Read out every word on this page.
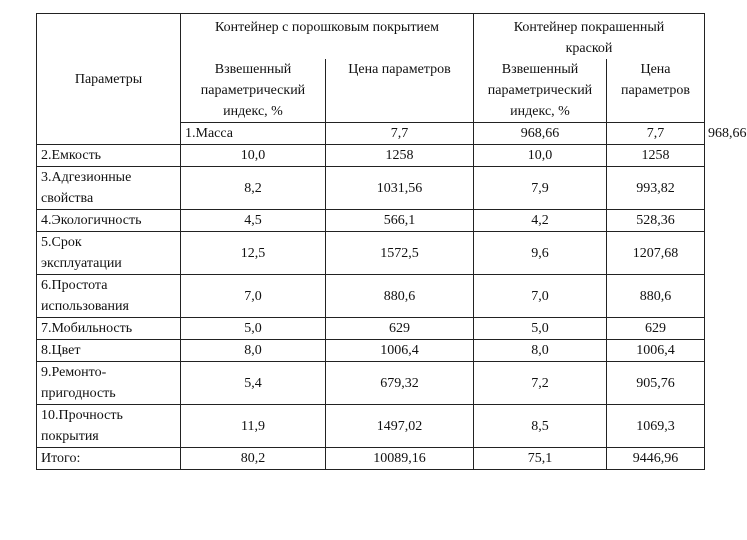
Параметры	Контейнер с порошковым покрытием		Контейнер покрашенный
краской		

	Взвешенный
параметрический
индекс, %	Цена параметров	Взвешенный
параметрический
индекс, %	Цена
параметров	

	1.Масса	7,7	968,66	7,7	968,66

2.Емкость	10,0	1258	10,0	1258	

3.Адгезионные
свойства	8,2	1031,56	7,9	993,82	

4.Экологичность	4,5	566,1	4,2	528,36	

5.Срок
эксплуатации	12,5	1572,5	9,6	1207,68	

6.Простота
использования	7,0	880,6	7,0	880,6	

7.Мобильность	5,0	629	5,0	629	

8.Цвет	8,0	1006,4	8,0	1006,4	

9.Ремонто-
пригодность	5,4	679,32	7,2	905,76	

10.Прочность
покрытия	11,9	1497,02	8,5	1069,3	
Итого:	80,2	10089,16	75,1	9446,96	
